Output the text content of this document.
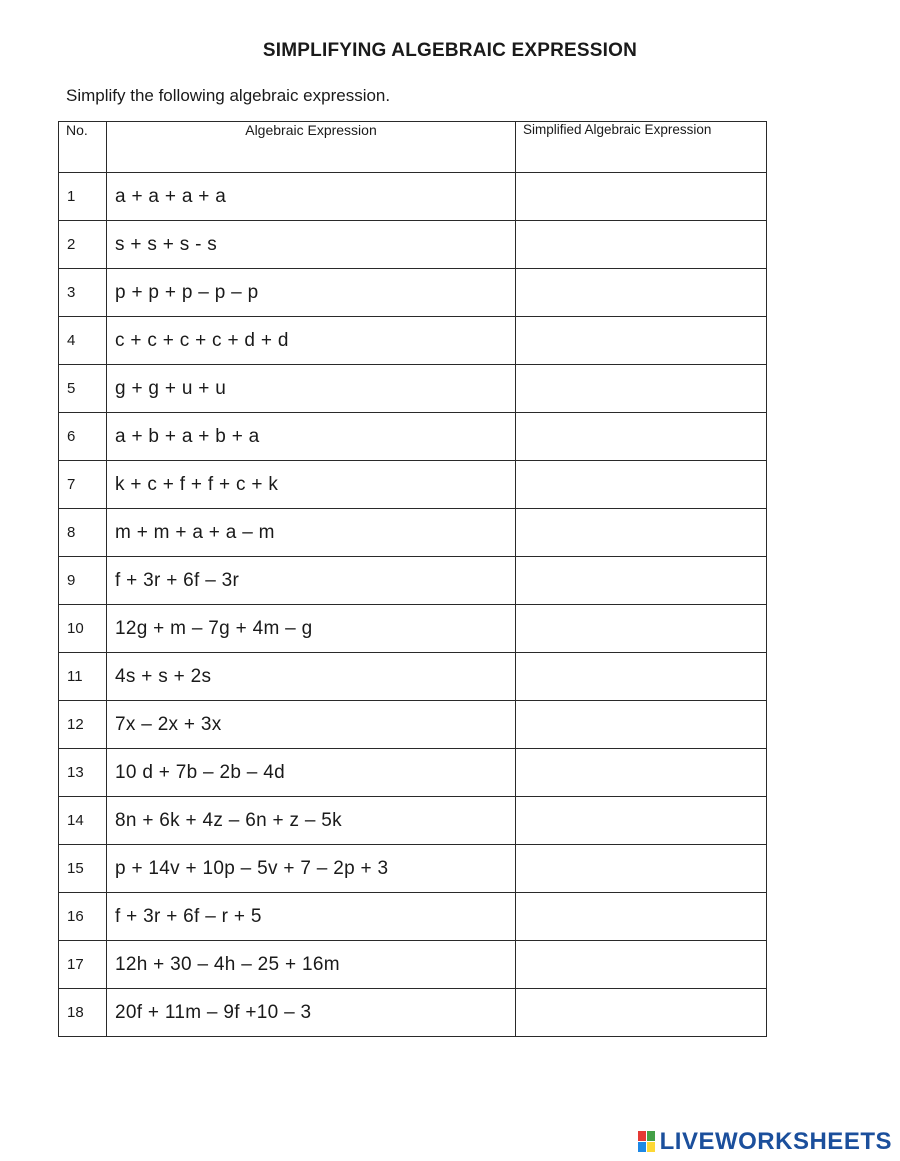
SIMPLIFYING ALGEBRAIC EXPRESSION
Simplify the following algebraic expression.
No.	Algebraic Expression	Simplified Algebraic Expression
1	a + a + a + a	
2	s + s + s - s	
3	p + p + p – p – p	
4	c + c + c + c + d + d	
5	g + g + u + u	
6	a + b + a + b + a	
7	k + c + f + f + c + k	
8	m + m + a + a – m	
9	f + 3r + 6f – 3r	
10	12g + m – 7g + 4m – g	
11	4s + s + 2s	
12	7x – 2x + 3x	
13	10 d + 7b – 2b – 4d	
14	8n + 6k + 4z – 6n + z – 5k	
15	p + 14v + 10p – 5v + 7 – 2p + 3	
16	f + 3r + 6f – r + 5	
17	12h + 30 – 4h – 25 + 16m	
18	20f + 11m – 9f +10 – 3	
LIVEWORKSHEETS
